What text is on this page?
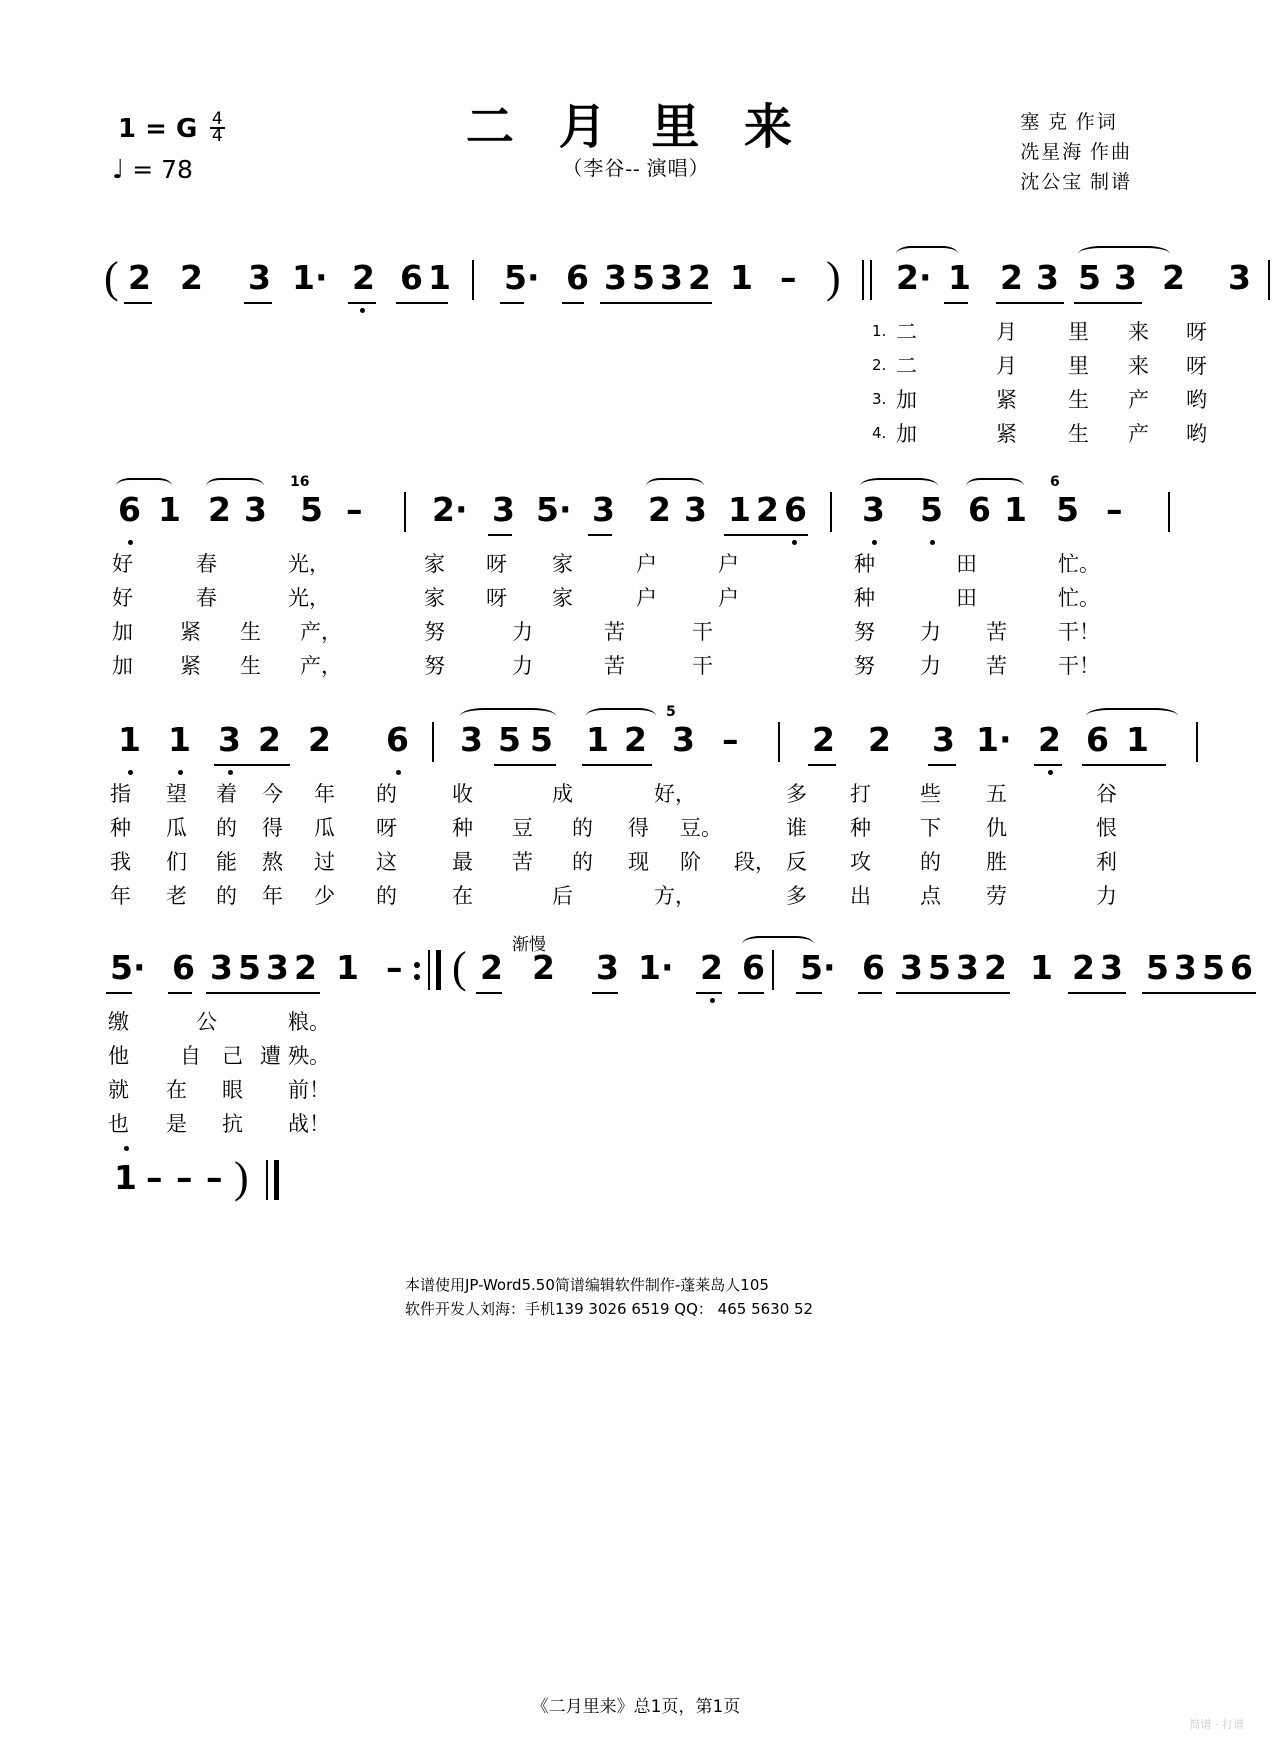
1 = G $\frac{4}{4}$
♩ = 78
二 月 里 来
（李谷-- 演唱）
塞 克 作词
冼星海 作曲
沈公宝 制谱
( 2 2 3 1· 2 6 1 5· 6 3 5 3 2 1 – ) 2· 1 2 3 5 3 2 3
1. 二	月 里 来 呀
2. 二	月 里 来 呀
3. 加	紧 生 产 哟
4. 加	紧 生 产 哟
6 1 2 3
16
5 – 2· 3 5· 3 2 3 1 2 6 3 5 6 1
6
5 –
好	春	光，	家 呀 家	户	户	种	田	忙。
好	春	光，	家 呀 家	户	户	种	田	忙。
加 紧 生 产，	努	力	苦	干	努 力 苦 干！
加 紧 生 产，	努	力	苦	干	努 力 苦 干！
1 1 3 2 2 6 3 5 5 1 2
5
3 – 2 2 3 1· 2 6 1
指 望 着 今 年 的	收	成	好，	多 打 些 五	谷
种 瓜 的 得 瓜 呀	种 豆 的 得 豆。	谁 种 下 仇	恨
我 们 能 熬 过 这	最 苦 的 现 阶 段， 反 攻 的 胜	利
年 老 的 年 少 的	在	后	方，	多 出 点 劳	力
渐慢
5· 6 3 5 3 2 1 – ( 2 2 3 1· 2 6 5· 6 3 5 3 2 1 2 3 5 3 5 6
缴	公	粮。
他 自 己 遭 殃。
就 在 眼 前！
也 是 抗 战！
1 – – – )
本谱使用JP-Word5.50简谱编辑软件制作-蓬莱岛人105
软件开发人刘海：手机139 3026 6519 QQ： 465 5630 52
《二月里来》总1页，第1页
简谱 · 打谱
